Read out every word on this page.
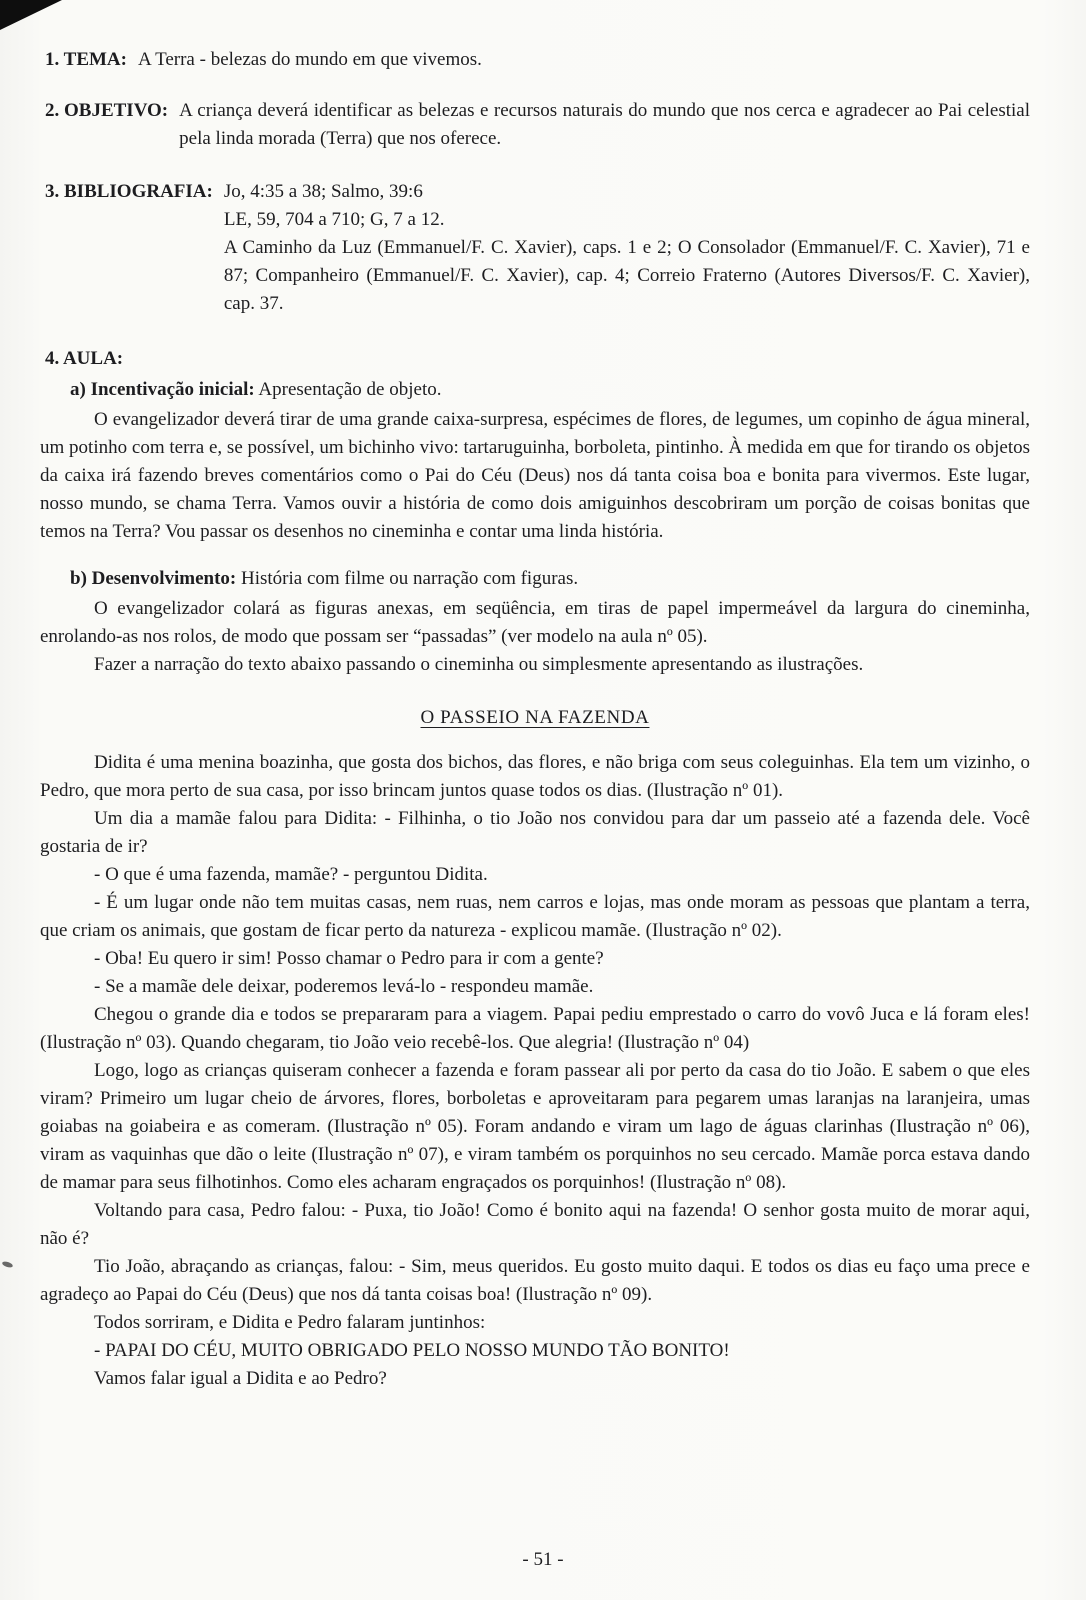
1. TEMA: A Terra - belezas do mundo em que vivemos.
2. OBJETIVO: A criança deverá identificar as belezas e recursos naturais do mundo que nos cerca e agradecer ao Pai celestial pela linda morada (Terra) que nos oferece.
3. BIBLIOGRAFIA: Jo, 4:35 a 38; Salmo, 39:6
LE, 59, 704 a 710; G, 7 a 12.
A Caminho da Luz (Emmanuel/F. C. Xavier), caps. 1 e 2; O Consolador (Emmanuel/F. C. Xavier), 71 e 87; Companheiro (Emmanuel/F. C. Xavier), cap. 4; Correio Fraterno (Autores Diversos/F. C. Xavier), cap. 37.

4. AULA:

a) Incentivação inicial: Apresentação de objeto.

O evangelizador deverá tirar de uma grande caixa-surpresa, espécimes de flores, de legumes, um copinho de água mineral, um potinho com terra e, se possível, um bichinho vivo: tartaruguinha, borboleta, pintinho. À medida em que for tirando os objetos da caixa irá fazendo breves comentários como o Pai do Céu (Deus) nos dá tanta coisa boa e bonita para vivermos. Este lugar, nosso mundo, se chama Terra. Vamos ouvir a história de como dois amiguinhos descobriram um porção de coisas bonitas que temos na Terra? Vou passar os desenhos no cineminha e contar uma linda história.

b) Desenvolvimento: História com filme ou narração com figuras.

O evangelizador colará as figuras anexas, em seqüência, em tiras de papel impermeável da largura do cineminha, enrolando-as nos rolos, de modo que possam ser “passadas” (ver modelo na aula nº 05).

Fazer a narração do texto abaixo passando o cineminha ou simplesmente apresentando as ilustrações.

O PASSEIO NA FAZENDA

Didita é uma menina boazinha, que gosta dos bichos, das flores, e não briga com seus coleguinhas. Ela tem um vizinho, o Pedro, que mora perto de sua casa, por isso brincam juntos quase todos os dias. (Ilustração nº 01).

Um dia a mamãe falou para Didita: - Filhinha, o tio João nos convidou para dar um passeio até a fazenda dele. Você gostaria de ir?

- O que é uma fazenda, mamãe? - perguntou Didita.

- É um lugar onde não tem muitas casas, nem ruas, nem carros e lojas, mas onde moram as pessoas que plantam a terra, que criam os animais, que gostam de ficar perto da natureza - explicou mamãe. (Ilustração nº 02).

- Oba! Eu quero ir sim! Posso chamar o Pedro para ir com a gente?

- Se a mamãe dele deixar, poderemos levá-lo - respondeu mamãe.

Chegou o grande dia e todos se prepararam para a viagem. Papai pediu emprestado o carro do vovô Juca e lá foram eles! (Ilustração nº 03). Quando chegaram, tio João veio recebê-los. Que alegria! (Ilustração nº 04)

Logo, logo as crianças quiseram conhecer a fazenda e foram passear ali por perto da casa do tio João. E sabem o que eles viram? Primeiro um lugar cheio de árvores, flores, borboletas e aproveitaram para pegarem umas laranjas na laranjeira, umas goiabas na goiabeira e as comeram. (Ilustração nº 05). Foram andando e viram um lago de águas clarinhas (Ilustração nº 06), viram as vaquinhas que dão o leite (Ilustração nº 07), e viram também os porquinhos no seu cercado. Mamãe porca estava dando de mamar para seus filhotinhos. Como eles acharam engraçados os porquinhos! (Ilustração nº 08).

Voltando para casa, Pedro falou: - Puxa, tio João! Como é bonito aqui na fazenda! O senhor gosta muito de morar aqui, não é?

Tio João, abraçando as crianças, falou: - Sim, meus queridos. Eu gosto muito daqui. E todos os dias eu faço uma prece e agradeço ao Papai do Céu (Deus) que nos dá tanta coisas boa! (Ilustração nº 09).

Todos sorriram, e Didita e Pedro falaram juntinhos:

- PAPAI DO CÉU, MUITO OBRIGADO PELO NOSSO MUNDO TÃO BONITO!

Vamos falar igual a Didita e ao Pedro?

- 51 -
